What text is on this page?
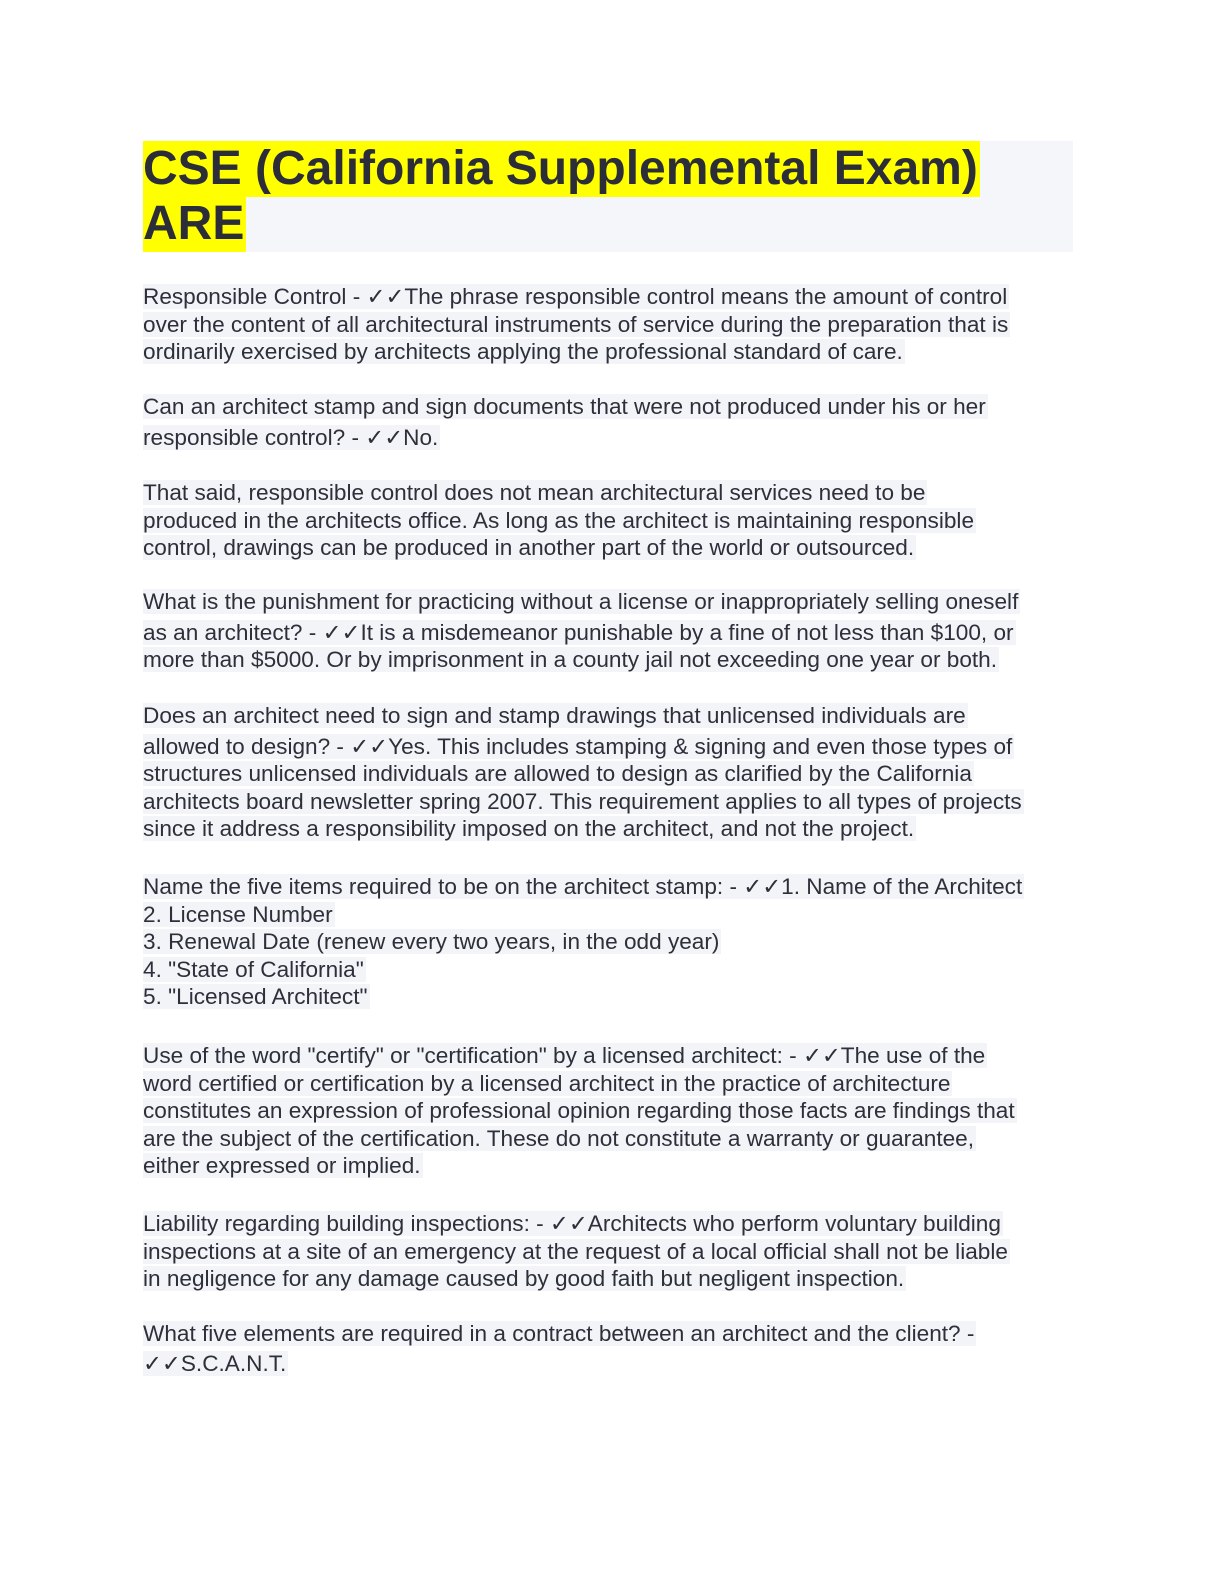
CSE (California Supplemental Exam)
ARE
Responsible Control - ✓✓The phrase responsible control means the amount of control
over the content of all architectural instruments of service during the preparation that is
ordinarily exercised by architects applying the professional standard of care.
Can an architect stamp and sign documents that were not produced under his or her
responsible control? - ✓✓No.
That said, responsible control does not mean architectural services need to be
produced in the architects office. As long as the architect is maintaining responsible
control, drawings can be produced in another part of the world or outsourced.
What is the punishment for practicing without a license or inappropriately selling oneself
as an architect? - ✓✓It is a misdemeanor punishable by a fine of not less than $100, or
more than $5000. Or by imprisonment in a county jail not exceeding one year or both.
Does an architect need to sign and stamp drawings that unlicensed individuals are
allowed to design? - ✓✓Yes. This includes stamping & signing and even those types of
structures unlicensed individuals are allowed to design as clarified by the California
architects board newsletter spring 2007. This requirement applies to all types of projects
since it address a responsibility imposed on the architect, and not the project.
Name the five items required to be on the architect stamp: - ✓✓1. Name of the Architect
2. License Number
3. Renewal Date (renew every two years, in the odd year)
4. "State of California"
5. "Licensed Architect"
Use of the word "certify" or "certification" by a licensed architect: - ✓✓The use of the
word certified or certification by a licensed architect in the practice of architecture
constitutes an expression of professional opinion regarding those facts are findings that
are the subject of the certification. These do not constitute a warranty or guarantee,
either expressed or implied.
Liability regarding building inspections: - ✓✓Architects who perform voluntary building
inspections at a site of an emergency at the request of a local official shall not be liable
in negligence for any damage caused by good faith but negligent inspection.
What five elements are required in a contract between an architect and the client? -
✓✓S.C.A.N.T.
